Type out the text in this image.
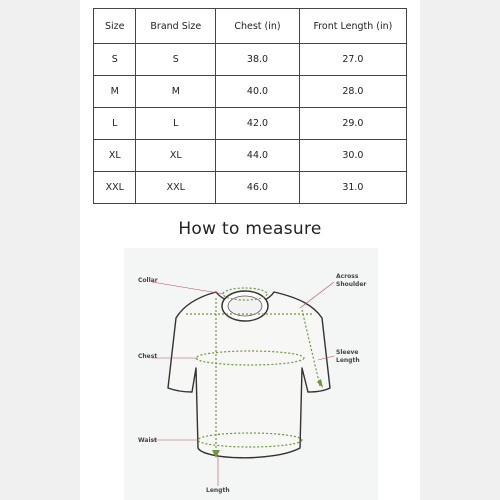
Size	Brand Size	Chest (in)	Front Length (in)
S	S	38.0	27.0
M	M	40.0	28.0
L	L	42.0	29.0
XL	XL	44.0	30.0
XXL	XXL	46.0	31.0
How to measure
Collar
Across
Shoulder
Chest
Sleeve
Length
Waist
Length
